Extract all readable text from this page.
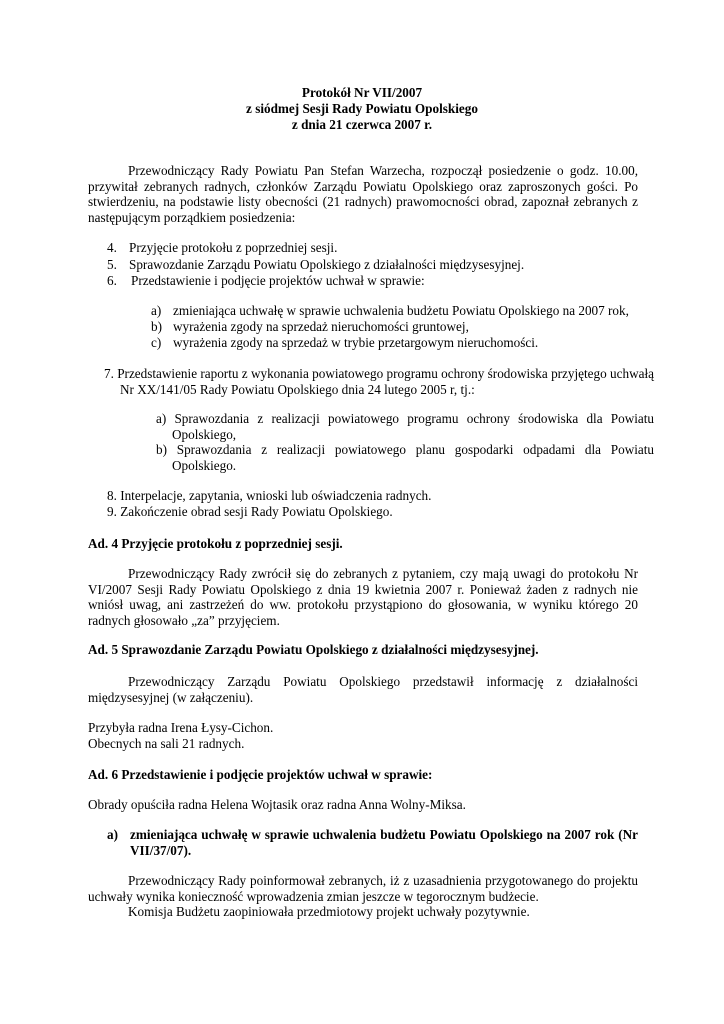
Protokół Nr VII/2007
z siódmej Sesji Rady Powiatu Opolskiego
z dnia 21 czerwca 2007 r.

Przewodniczący Rady Powiatu Pan Stefan Warzecha, rozpoczął posiedzenie o godz. 10.00, przywitał zebranych radnych, członków Zarządu Powiatu Opolskiego oraz zaproszonych gości. Po stwierdzeniu, na podstawie listy obecności (21 radnych) prawomocności obrad, zapoznał zebranych z następującym porządkiem posiedzenia:

4. Przyjęcie protokołu z poprzedniej sesji.
5. Sprawozdanie Zarządu Powiatu Opolskiego z działalności międzysesyjnej.
6. Przedstawienie i podjęcie projektów uchwał w sprawie:
a) zmieniająca uchwałę w sprawie uchwalenia budżetu Powiatu Opolskiego na 2007 rok,
b) wyrażenia zgody na sprzedaż nieruchomości gruntowej,
c) wyrażenia zgody na sprzedaż w trybie przetargowym nieruchomości.

7. Przedstawienie raportu z wykonania powiatowego programu ochrony środowiska przyjętego uchwałą Nr XX/141/05 Rady Powiatu Opolskiego dnia 24 lutego 2005 r, tj.:

a) Sprawozdania z realizacji powiatowego programu ochrony środowiska dla Powiatu Opolskiego,

b) Sprawozdania z realizacji powiatowego planu gospodarki odpadami dla Powiatu Opolskiego.

8. Interpelacje, zapytania, wnioski lub oświadczenia radnych.

9. Zakończenie obrad sesji Rady Powiatu Opolskiego.

Ad. 4 Przyjęcie protokołu z poprzedniej sesji.

Przewodniczący Rady zwrócił się do zebranych z pytaniem, czy mają uwagi do protokołu Nr VI/2007 Sesji Rady Powiatu Opolskiego z dnia 19 kwietnia 2007 r. Ponieważ żaden z radnych nie wniósł uwag, ani zastrzeżeń do ww. protokołu przystąpiono do głosowania, w wyniku którego 20 radnych głosowało „za” przyjęciem.

Ad. 5 Sprawozdanie Zarządu Powiatu Opolskiego z działalności międzysesyjnej.

Przewodniczący Zarządu Powiatu Opolskiego przedstawił informację z działalności międzysesyjnej (w załączeniu).

Przybyła radna Irena Łysy-Cichon.

Obecnych na sali 21 radnych.

Ad. 6 Przedstawienie i podjęcie projektów uchwał w sprawie:

Obrady opuściła radna Helena Wojtasik oraz radna Anna Wolny-Miksa.

a) zmieniająca uchwałę w sprawie uchwalenia budżetu Powiatu Opolskiego na 2007 rok (Nr VII/37/07).

Przewodniczący Rady poinformował zebranych, iż z uzasadnienia przygotowanego do projektu uchwały wynika konieczność wprowadzenia zmian jeszcze w tegorocznym budżecie.

Komisja Budżetu zaopiniowała przedmiotowy projekt uchwały pozytywnie.
